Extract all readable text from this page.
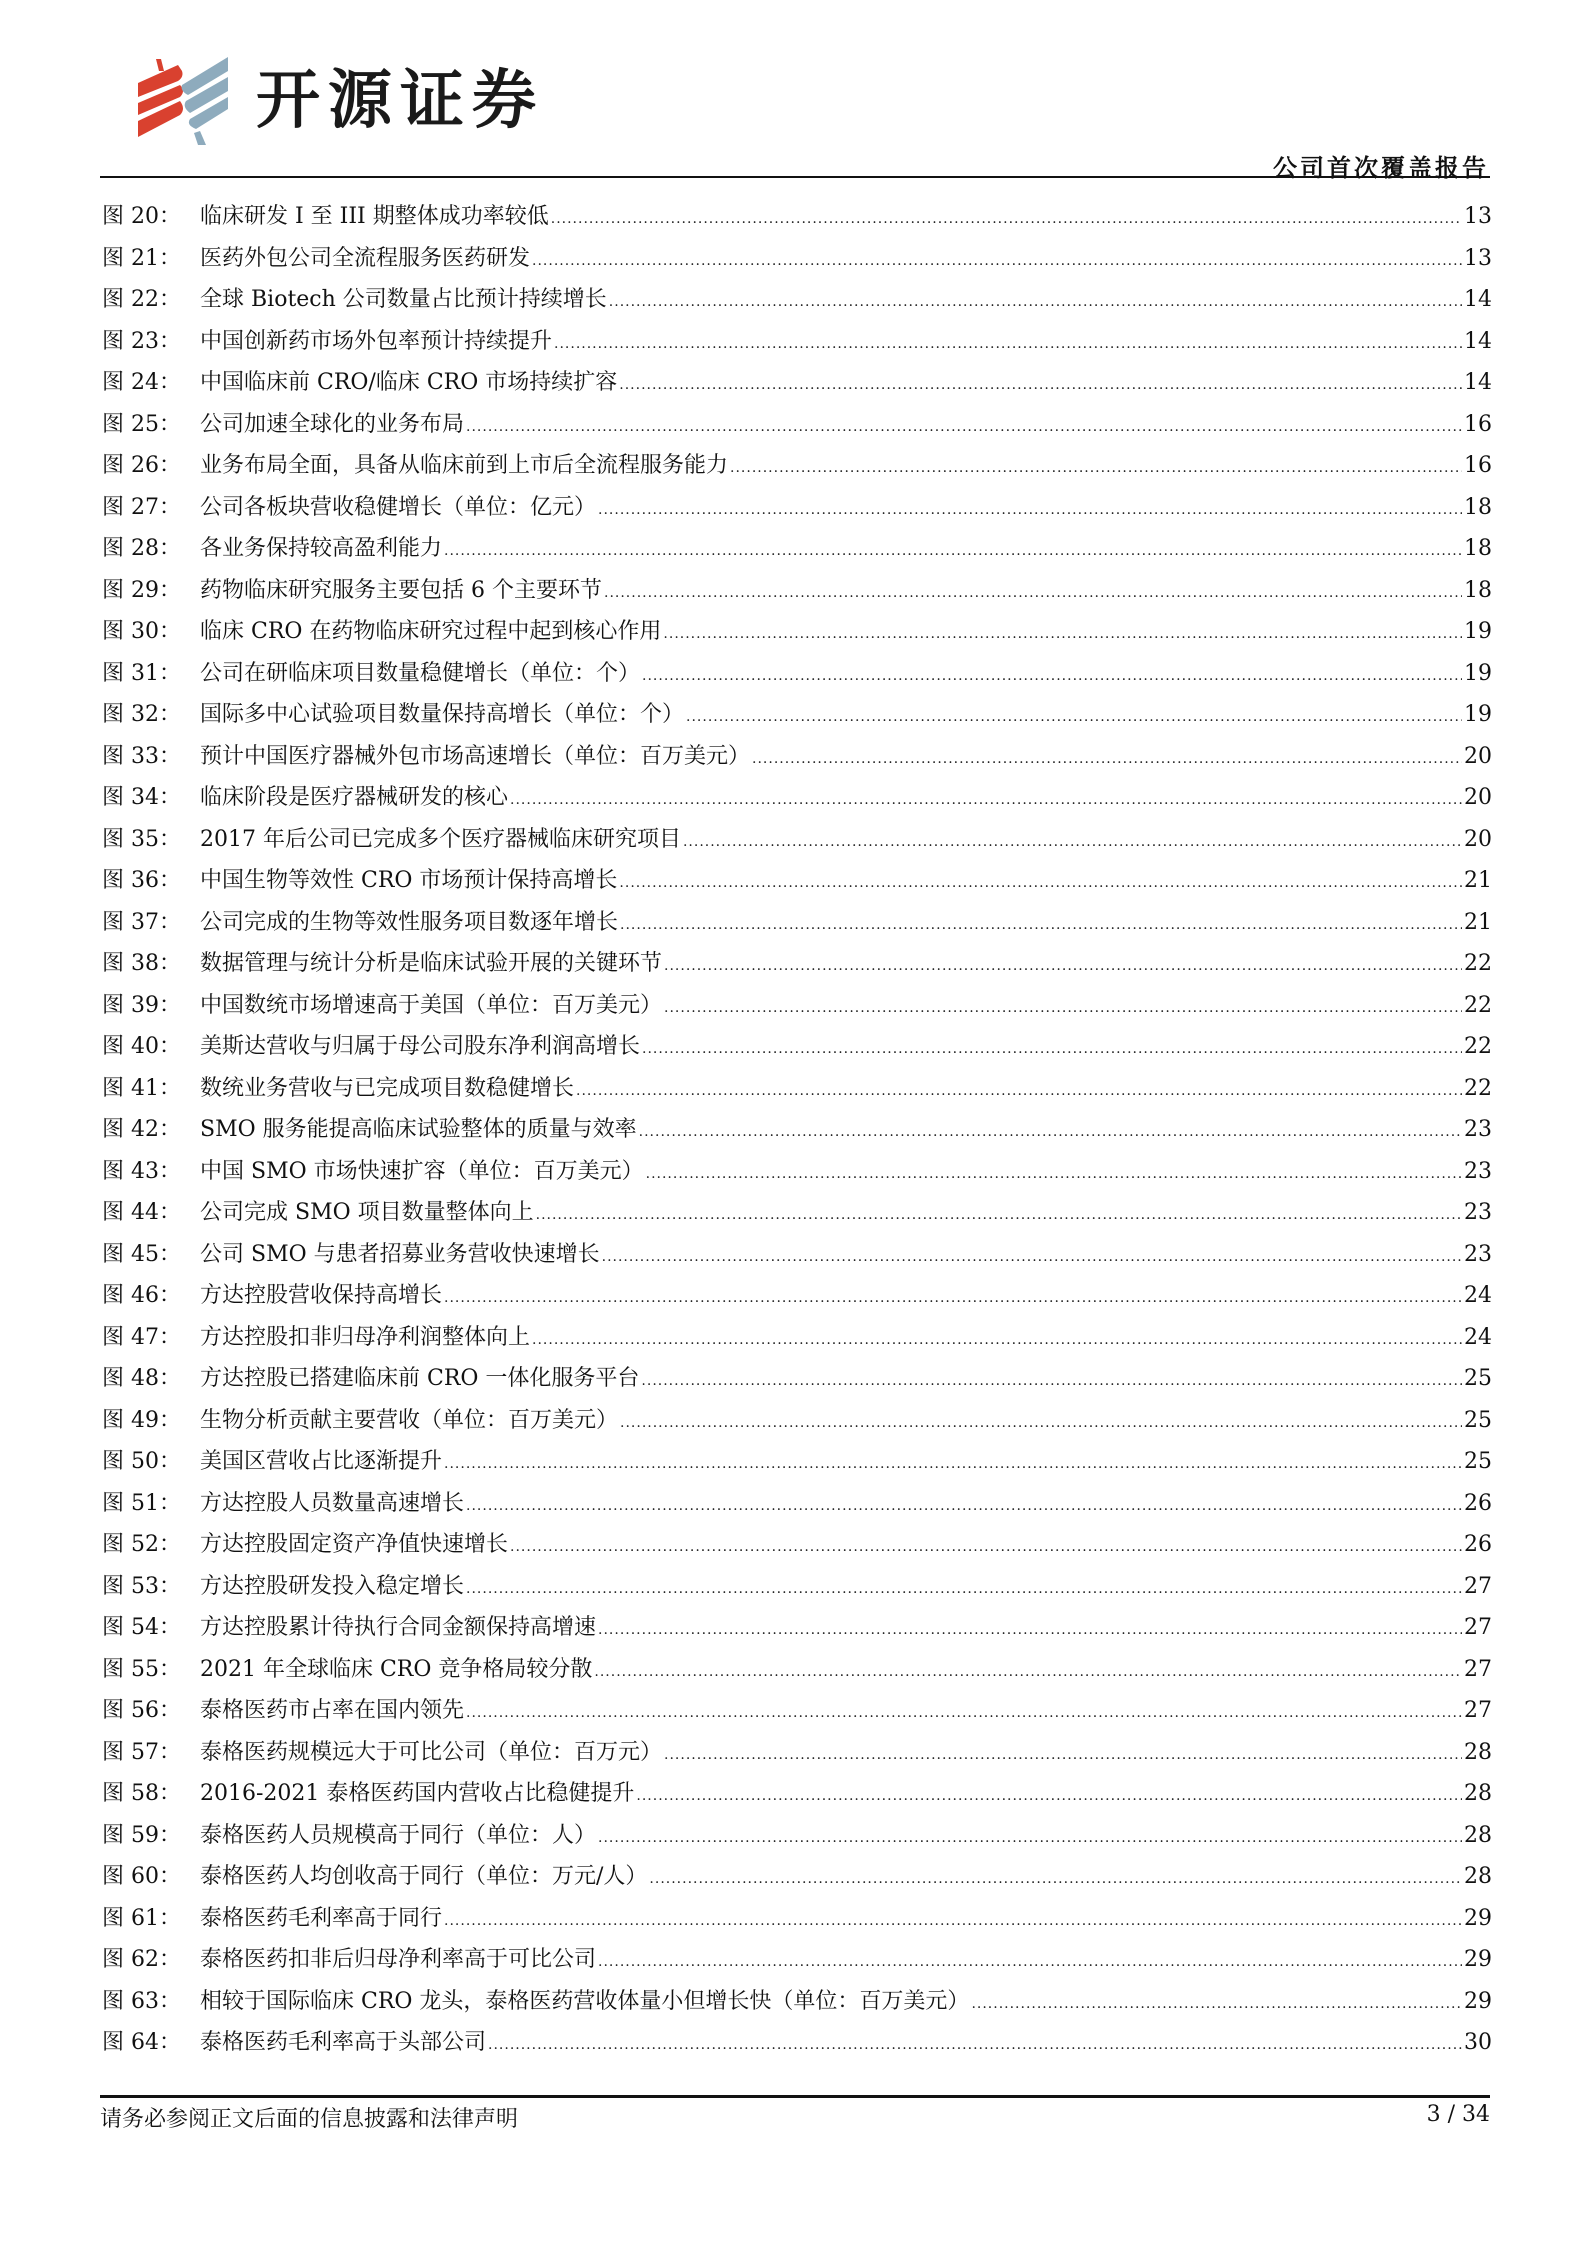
开源证券
公司首次覆盖报告
图 20： 临床研发 I 至 III 期整体成功率较低 .....	13
图 21： 医药外包公司全流程服务医药研发 .....	13
图 22： 全球 Biotech 公司数量占比预计持续增长 .....	14
图 23： 中国创新药市场外包率预计持续提升 .....	14
图 24： 中国临床前 CRO/临床 CRO 市场持续扩容 .....	14
图 25： 公司加速全球化的业务布局 .....	16
图 26： 业务布局全面，具备从临床前到上市后全流程服务能力 .....	16
图 27： 公司各板块营收稳健增长（单位：亿元） .....	18
图 28： 各业务保持较高盈利能力 .....	18
图 29： 药物临床研究服务主要包括 6 个主要环节 .....	18
图 30： 临床 CRO 在药物临床研究过程中起到核心作用 .....	19
图 31： 公司在研临床项目数量稳健增长（单位：个） .....	19
图 32： 国际多中心试验项目数量保持高增长（单位：个） .....	19
图 33： 预计中国医疗器械外包市场高速增长（单位：百万美元） .....	20
图 34： 临床阶段是医疗器械研发的核心 .....	20
图 35： 2017 年后公司已完成多个医疗器械临床研究项目 .....	20
图 36： 中国生物等效性 CRO 市场预计保持高增长 .....	21
图 37： 公司完成的生物等效性服务项目数逐年增长 .....	21
图 38： 数据管理与统计分析是临床试验开展的关键环节 .....	22
图 39： 中国数统市场增速高于美国（单位：百万美元） .....	22
图 40： 美斯达营收与归属于母公司股东净利润高增长 .....	22
图 41： 数统业务营收与已完成项目数稳健增长 .....	22
图 42： SMO 服务能提高临床试验整体的质量与效率 .....	23
图 43： 中国 SMO 市场快速扩容（单位：百万美元） .....	23
图 44： 公司完成 SMO 项目数量整体向上 .....	23
图 45： 公司 SMO 与患者招募业务营收快速增长 .....	23
图 46： 方达控股营收保持高增长 .....	24
图 47： 方达控股扣非归母净利润整体向上 .....	24
图 48： 方达控股已搭建临床前 CRO 一体化服务平台 .....	25
图 49： 生物分析贡献主要营收（单位：百万美元） .....	25
图 50： 美国区营收占比逐渐提升 .....	25
图 51： 方达控股人员数量高速增长 .....	26
图 52： 方达控股固定资产净值快速增长 .....	26
图 53： 方达控股研发投入稳定增长 .....	27
图 54： 方达控股累计待执行合同金额保持高增速 .....	27
图 55： 2021 年全球临床 CRO 竞争格局较分散 .....	27
图 56： 泰格医药市占率在国内领先 .....	27
图 57： 泰格医药规模远大于可比公司（单位：百万元） .....	28
图 58： 2016-2021 泰格医药国内营收占比稳健提升 .....	28
图 59： 泰格医药人员规模高于同行（单位：人） .....	28
图 60： 泰格医药人均创收高于同行（单位：万元/人） .....	28
图 61： 泰格医药毛利率高于同行 .....	29
图 62： 泰格医药扣非后归母净利率高于可比公司 .....	29
图 63： 相较于国际临床 CRO 龙头，泰格医药营收体量小但增长快（单位：百万美元） .....	29
图 64： 泰格医药毛利率高于头部公司 .....	30
请务必参阅正文后面的信息披露和法律声明	3 / 34
